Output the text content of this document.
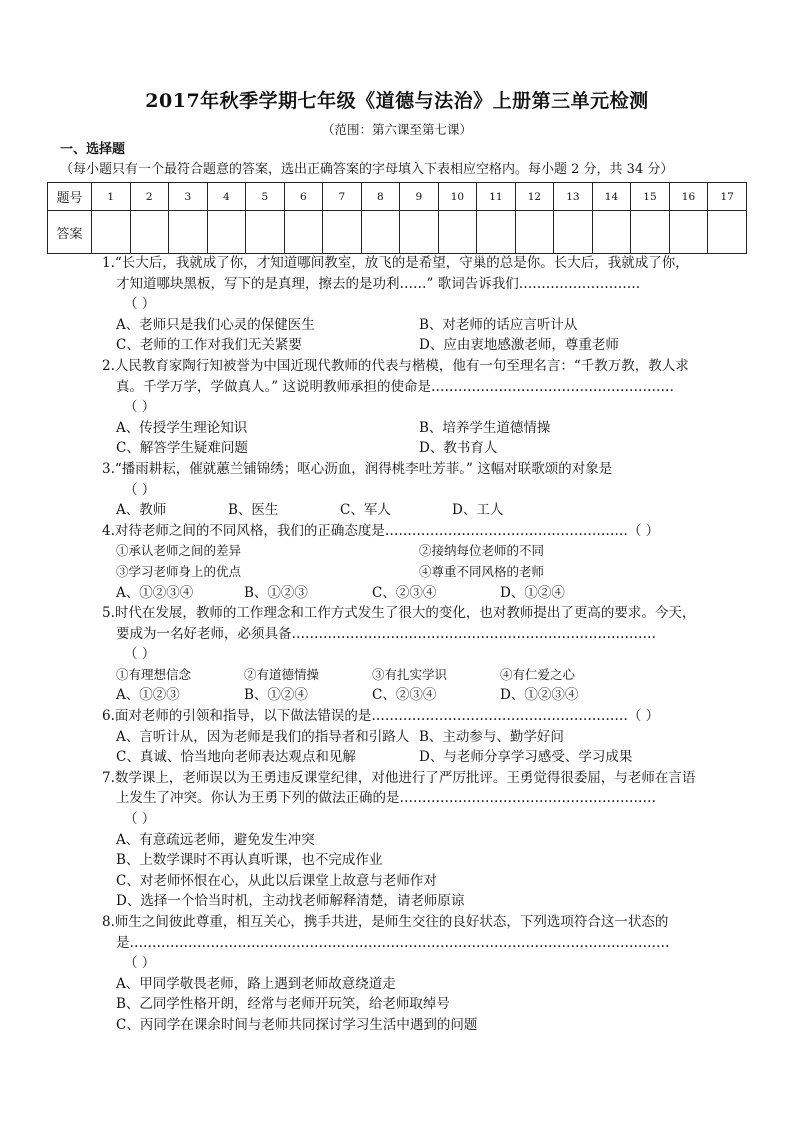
2017年秋季学期七年级《道德与法治》上册第三单元检测
（范围：第六课至第七课）
一、选择题（每小题只有一个最符合题意的答案，选出正确答案的字母填入下表相应空格内。每小题 2 分，共 34 分）
题号	1	2	3	4	5	6	7	8	9	10	11	12	13	14	15	16	17
答案																	
1.“长大后，我就成了你，才知道哪间教室，放飞的是希望，守巢的总是你。长大后，我就成了你，
才知道哪块黑板，写下的是真理，擦去的是功利……” 歌词告诉我们………………………
（ ）
A、老师只是我们心灵的保健医生	B、对老师的话应言听计从
C、老师的工作对我们无关紧要	D、应由衷地感激老师，尊重老师
2.人民教育家陶行知被誉为中国近现代教师的代表与楷模，他有一句至理名言：“千教万教，教人求
真。千学万学，学做真人。” 这说明教师承担的使命是………………………………………………
（ ）
A、传授学生理论知识	B、培养学生道德情操
C、解答学生疑难问题	D、教书育人
3.“播雨耕耘，催就蕙兰铺锦绣；呕心沥血，润得桃李吐芳菲。” 这幅对联歌颂的对象是
（ ）
A、教师	B、医生	C、军人	D、工人
4.对待老师之间的不同风格，我们的正确态度是………………………………………………（ ）
①承认老师之间的差异	②接纳每位老师的不同
③学习老师身上的优点	④尊重不同风格的老师
A、①②③④	B、①②③	C、②③④	D、①②④
5.时代在发展，教师的工作理念和工作方式发生了很大的变化，也对教师提出了更高的要求。今天，
要成为一名好老师，必须具备………………………………………………………………………
（ ）
①有理想信念	②有道德情操	③有扎实学识	④有仁爱之心
A、①②③	B、①②④	C、②③④	D、①②③④
6.面对老师的引领和指导，以下做法错误的是…………………………………………………（ ）
A、言听计从，因为老师是我们的指导者和引路人 B、主动参与、勤学好问
C、真诚、恰当地向老师表达观点和见解	D、与老师分享学习感受、学习成果
7.数学课上，老师误以为王勇违反课堂纪律，对他进行了严厉批评。王勇觉得很委屈，与老师在言语
上发生了冲突。你认为王勇下列的做法正确的是…………………………………………………
（ ）
A、有意疏远老师，避免发生冲突
B、上数学课时不再认真听课，也不完成作业
C、对老师怀恨在心，从此以后课堂上故意与老师作对
D、选择一个恰当时机，主动找老师解释清楚，请老师原谅
8.师生之间彼此尊重，相互关心，携手共进，是师生交往的良好状态，下列选项符合这一状态的
是…………………………………………………………………………………………………………
（ ）
A、甲同学敬畏老师，路上遇到老师故意绕道走
B、乙同学性格开朗，经常与老师开玩笑，给老师取绰号
C、丙同学在课余时间与老师共同探讨学习生活中遇到的问题
